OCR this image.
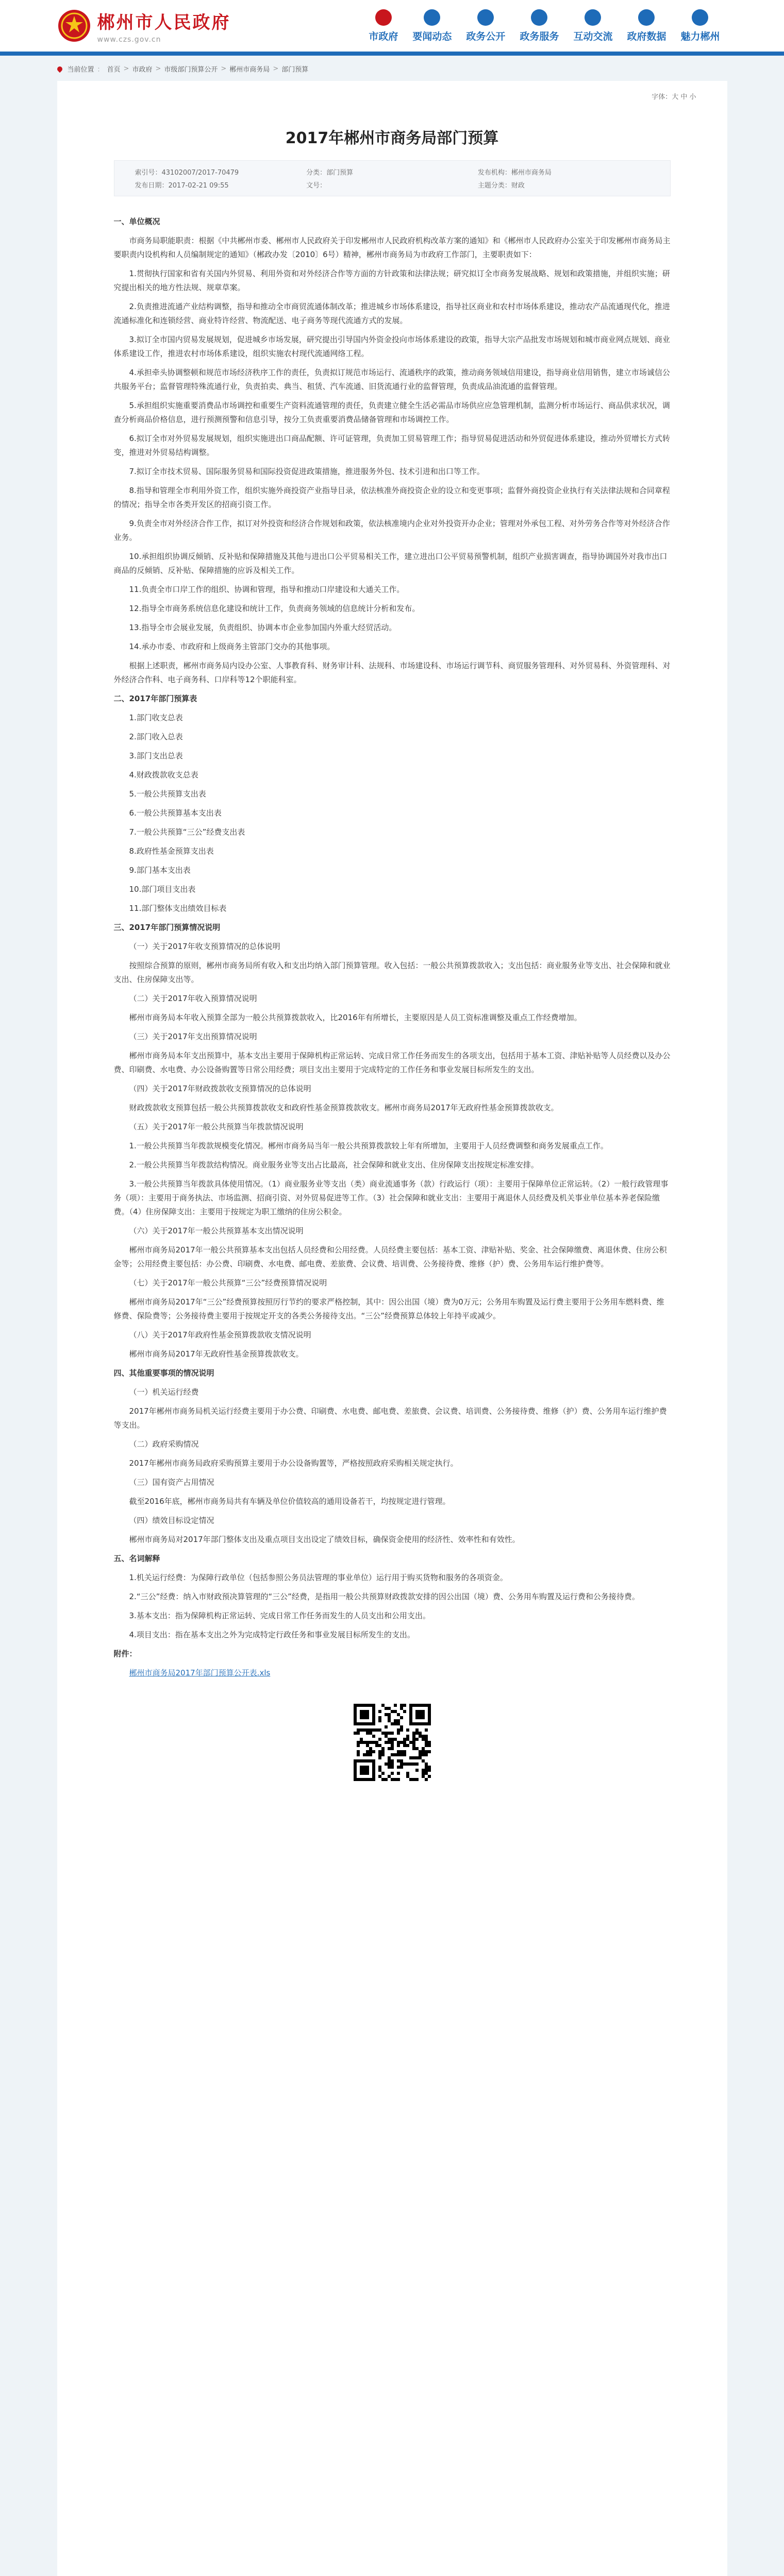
郴州市人民政府
www.czs.gov.cn	市政府 要闻动态 政务公开 政务服务 互动交流 政府数据 魅力郴州
当前位置 ： 首页 > 市政府 > 市级部门预算公开 > 郴州市商务局 > 部门预算
字体：大 中 小
2017年郴州市商务局部门预算
索引号：43102007/2017-70479	分类：部门预算	发布机构：郴州市商务局
发布日期：2017-02-21 09:55	文号：	主题分类：财政

一、单位概况

市商务局职能职责：根据《中共郴州市委、郴州市人民政府关于印发郴州市人民政府机构改革方案的通知》和《郴州市人民政府办公室关于印发郴州市商务局主要职责内设机构和人员编制规定的通知》（郴政办发〔2010〕6号）精神，郴州市商务局为市政府工作部门，主要职责如下：

1.贯彻执行国家和省有关国内外贸易、利用外资和对外经济合作等方面的方针政策和法律法规；研究拟订全市商务发展战略、规划和政策措施，并组织实施；研究提出相关的地方性法规、规章草案。

2.负责推进流通产业结构调整，指导和推动全市商贸流通体制改革；推进城乡市场体系建设，指导社区商业和农村市场体系建设，推动农产品流通现代化，推进流通标准化和连锁经营、商业特许经营、物流配送、电子商务等现代流通方式的发展。

3.拟订全市国内贸易发展规划，促进城乡市场发展，研究提出引导国内外资金投向市场体系建设的政策，指导大宗产品批发市场规划和城市商业网点规划、商业体系建设工作，推进农村市场体系建设，组织实施农村现代流通网络工程。

4.承担牵头协调整顿和规范市场经济秩序工作的责任，负责拟订规范市场运行、流通秩序的政策，推动商务领域信用建设，指导商业信用销售，建立市场诚信公共服务平台；监督管理特殊流通行业，负责拍卖、典当、租赁、汽车流通、旧货流通行业的监督管理，负责成品油流通的监督管理。

5.承担组织实施重要消费品市场调控和重要生产资料流通管理的责任，负责建立健全生活必需品市场供应应急管理机制，监测分析市场运行、商品供求状况，调查分析商品价格信息，进行预测预警和信息引导，按分工负责重要消费品储备管理和市场调控工作。

6.拟订全市对外贸易发展规划，组织实施进出口商品配额、许可证管理，负责加工贸易管理工作；指导贸易促进活动和外贸促进体系建设，推动外贸增长方式转变，推进对外贸易结构调整。

7.拟订全市技术贸易、国际服务贸易和国际投资促进政策措施，推进服务外包、技术引进和出口等工作。

8.指导和管理全市利用外资工作，组织实施外商投资产业指导目录，依法核准外商投资企业的设立和变更事项；监督外商投资企业执行有关法律法规和合同章程的情况；指导全市各类开发区的招商引资工作。

9.负责全市对外经济合作工作，拟订对外投资和经济合作规划和政策，依法核准境内企业对外投资开办企业；管理对外承包工程、对外劳务合作等对外经济合作业务。

10.承担组织协调反倾销、反补贴和保障措施及其他与进出口公平贸易相关工作，建立进出口公平贸易预警机制，组织产业损害调查，指导协调国外对我市出口商品的反倾销、反补贴、保障措施的应诉及相关工作。

11.负责全市口岸工作的组织、协调和管理，指导和推动口岸建设和大通关工作。

12.指导全市商务系统信息化建设和统计工作，负责商务领域的信息统计分析和发布。

13.指导全市会展业发展，负责组织、协调本市企业参加国内外重大经贸活动。

14.承办市委、市政府和上级商务主管部门交办的其他事项。

根据上述职责，郴州市商务局内设办公室、人事教育科、财务审计科、法规科、市场建设科、市场运行调节科、商贸服务管理科、对外贸易科、外资管理科、对外经济合作科、电子商务科、口岸科等12个职能科室。

二、2017年部门预算表

1.部门收支总表

2.部门收入总表

3.部门支出总表

4.财政拨款收支总表

5.一般公共预算支出表

6.一般公共预算基本支出表

7.一般公共预算“三公”经费支出表

8.政府性基金预算支出表

9.部门基本支出表

10.部门项目支出表

11.部门整体支出绩效目标表

三、2017年部门预算情况说明

（一）关于2017年收支预算情况的总体说明

按照综合预算的原则，郴州市商务局所有收入和支出均纳入部门预算管理。收入包括：一般公共预算拨款收入；支出包括：商业服务业等支出、社会保障和就业支出、住房保障支出等。

（二）关于2017年收入预算情况说明

郴州市商务局本年收入预算全部为一般公共预算拨款收入，比2016年有所增长，主要原因是人员工资标准调整及重点工作经费增加。

（三）关于2017年支出预算情况说明

郴州市商务局本年支出预算中，基本支出主要用于保障机构正常运转、完成日常工作任务而发生的各项支出，包括用于基本工资、津贴补贴等人员经费以及办公费、印刷费、水电费、办公设备购置等日常公用经费；项目支出主要用于完成特定的工作任务和事业发展目标所发生的支出。

（四）关于2017年财政拨款收支预算情况的总体说明

财政拨款收支预算包括一般公共预算拨款收支和政府性基金预算拨款收支。郴州市商务局2017年无政府性基金预算拨款收支。

（五）关于2017年一般公共预算当年拨款情况说明

1.一般公共预算当年拨款规模变化情况。郴州市商务局当年一般公共预算拨款较上年有所增加，主要用于人员经费调整和商务发展重点工作。

2.一般公共预算当年拨款结构情况。商业服务业等支出占比最高，社会保障和就业支出、住房保障支出按规定标准安排。

3.一般公共预算当年拨款具体使用情况。（1）商业服务业等支出（类）商业流通事务（款）行政运行（项）：主要用于保障单位正常运转。（2）一般行政管理事务（项）：主要用于商务执法、市场监测、招商引资、对外贸易促进等工作。（3）社会保障和就业支出：主要用于离退休人员经费及机关事业单位基本养老保险缴费。（4）住房保障支出：主要用于按规定为职工缴纳的住房公积金。

（六）关于2017年一般公共预算基本支出情况说明

郴州市商务局2017年一般公共预算基本支出包括人员经费和公用经费。人员经费主要包括：基本工资、津贴补贴、奖金、社会保障缴费、离退休费、住房公积金等；公用经费主要包括：办公费、印刷费、水电费、邮电费、差旅费、会议费、培训费、公务接待费、维修（护）费、公务用车运行维护费等。

（七）关于2017年一般公共预算“三公”经费预算情况说明

郴州市商务局2017年“三公”经费预算按照厉行节约的要求严格控制，其中：因公出国（境）费为0万元；公务用车购置及运行费主要用于公务用车燃料费、维修费、保险费等；公务接待费主要用于按规定开支的各类公务接待支出。“三公”经费预算总体较上年持平或减少。

（八）关于2017年政府性基金预算拨款收支情况说明

郴州市商务局2017年无政府性基金预算拨款收支。

四、其他重要事项的情况说明

（一）机关运行经费

2017年郴州市商务局机关运行经费主要用于办公费、印刷费、水电费、邮电费、差旅费、会议费、培训费、公务接待费、维修（护）费、公务用车运行维护费等支出。

（二）政府采购情况

2017年郴州市商务局政府采购预算主要用于办公设备购置等，严格按照政府采购相关规定执行。

（三）国有资产占用情况

截至2016年底，郴州市商务局共有车辆及单位价值较高的通用设备若干，均按规定进行管理。

（四）绩效目标设定情况

郴州市商务局对2017年部门整体支出及重点项目支出设定了绩效目标，确保资金使用的经济性、效率性和有效性。

五、名词解释

1.机关运行经费：为保障行政单位（包括参照公务员法管理的事业单位）运行用于购买货物和服务的各项资金。

2.“三公”经费：纳入市财政预决算管理的“三公”经费，是指用一般公共预算财政拨款安排的因公出国（境）费、公务用车购置及运行费和公务接待费。

3.基本支出：指为保障机构正常运转、完成日常工作任务而发生的人员支出和公用支出。

4.项目支出：指在基本支出之外为完成特定行政任务和事业发展目标所发生的支出。

附件：

郴州市商务局2017年部门预算公开表.xls
